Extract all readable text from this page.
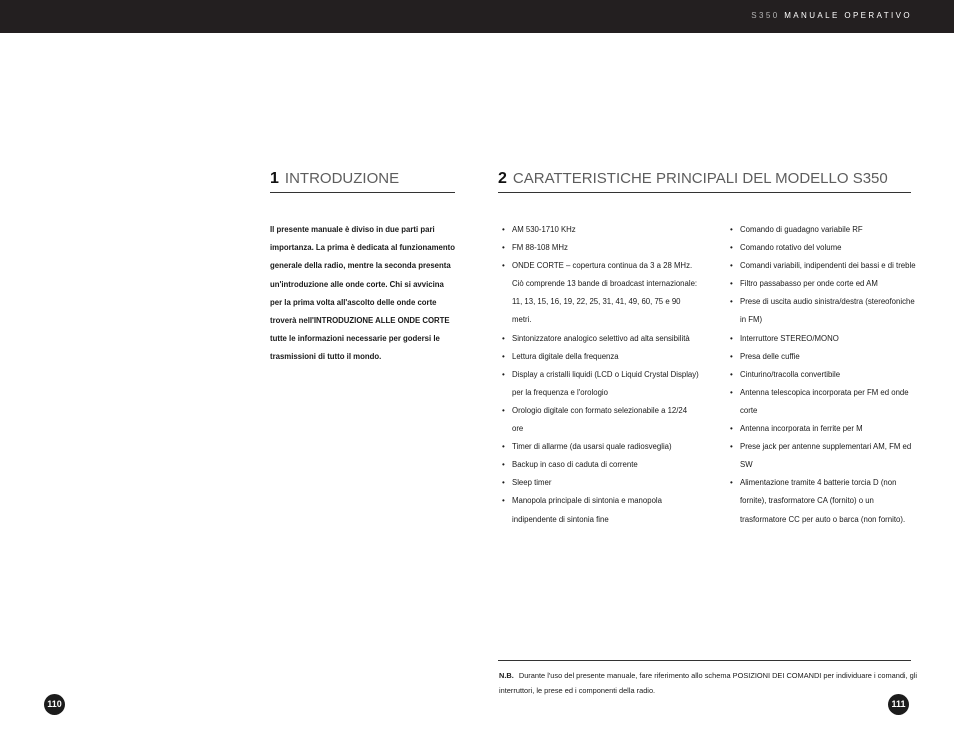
S350 MANUALE OPERATIVO
1 INTRODUZIONE

Il presente manuale è diviso in due parti pari importanza. La prima è dedicata al funzionamento generale della radio, mentre la seconda presenta un'introduzione alle onde corte. Chi si avvicina per la prima volta all'ascolto delle onde corte troverà nell'INTRODUZIONE ALLE ONDE CORTE tutte le informazioni necessarie per godersi le trasmissioni di tutto il mondo.

2 CARATTERISTICHE PRINCIPALI DEL MODELLO S350
• AM 530-1710 KHz
• FM 88-108 MHz
• ONDE CORTE – copertura continua da 3 a 28 MHz. Ciò comprende 13 bande di broadcast internazionale: 11, 13, 15, 16, 19, 22, 25, 31, 41, 49, 60, 75 e 90 metri.
• Sintonizzatore analogico selettivo ad alta sensibilità
• Lettura digitale della frequenza
• Display a cristalli liquidi (LCD o Liquid Crystal Display) per la frequenza e l'orologio
• Orologio digitale con formato selezionabile a 12/24 ore
• Timer di allarme (da usarsi quale radiosveglia)
• Backup in caso di caduta di corrente
• Sleep timer
• Manopola principale di sintonia e manopola indipendente di sintonia fine
• Comando di guadagno variabile RF
• Comando rotativo del volume
• Comandi variabili, indipendenti dei bassi e di treble
• Filtro passabasso per onde corte ed AM
• Prese di uscita audio sinistra/destra (stereofoniche in FM)
• Interruttore STEREO/MONO
• Presa delle cuffie
• Cinturino/tracolla convertibile
• Antenna telescopica incorporata per FM ed onde corte
• Antenna incorporata in ferrite per M
• Prese jack per antenne supplementari AM, FM ed SW
• Alimentazione tramite 4 batterie torcia D (non fornite), trasformatore CA (fornito) o un trasformatore CC per auto o barca (non fornito).
N.B. Durante l'uso del presente manuale, fare riferimento allo schema POSIZIONI DEI COMANDI per individuare i comandi, gli interruttori, le prese ed i componenti della radio.
110	111
